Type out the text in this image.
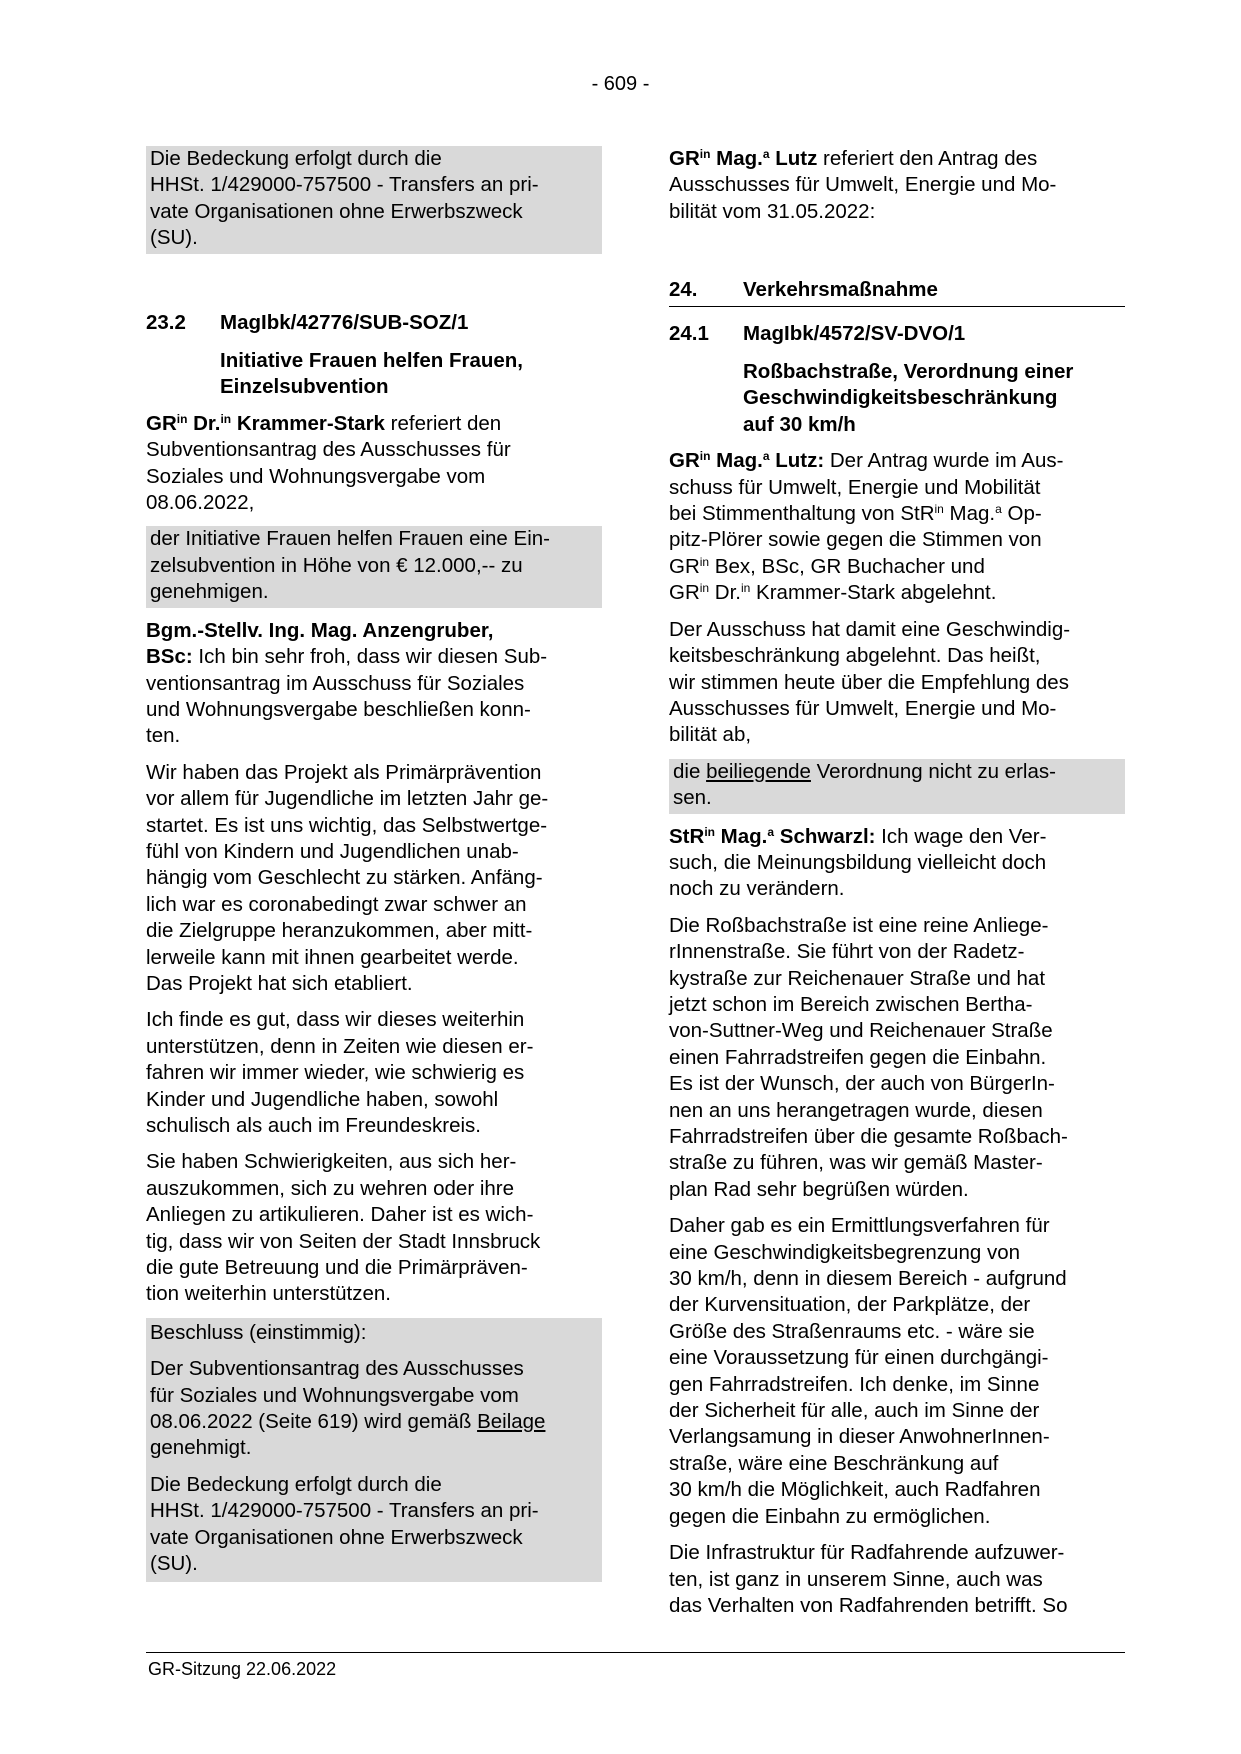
- 609 -
Die Bedeckung erfolgt durch die
HHSt. 1/429000-757500 - Transfers an pri-
vate Organisationen ohne Erwerbszweck
(SU).
23.2	MagIbk/42776/SUB-SOZ/1
Initiative Frauen helfen Frauen,
Einzelsubvention

$GR^{in}$ Dr.$^{in}$ Krammer-Stark referiert den
Subventionsantrag des Ausschusses für
Soziales und Wohnungsvergabe vom
08.06.2022,

der Initiative Frauen helfen Frauen eine Ein-
zelsubvention in Höhe von € 12.000,-- zu
genehmigen.

Bgm.-Stellv. Ing. Mag. Anzengruber,
BSc: Ich bin sehr froh, dass wir diesen Sub-
ventionsantrag im Ausschuss für Soziales
und Wohnungsvergabe beschließen konn-
ten.

Wir haben das Projekt als Primärprävention
vor allem für Jugendliche im letzten Jahr ge-
startet. Es ist uns wichtig, das Selbstwertge-
fühl von Kindern und Jugendlichen unab-
hängig vom Geschlecht zu stärken. Anfäng-
lich war es coronabedingt zwar schwer an
die Zielgruppe heranzukommen, aber mitt-
lerweile kann mit ihnen gearbeitet werde.
Das Projekt hat sich etabliert.

Ich finde es gut, dass wir dieses weiterhin
unterstützen, denn in Zeiten wie diesen er-
fahren wir immer wieder, wie schwierig es
Kinder und Jugendliche haben, sowohl
schulisch als auch im Freundeskreis.

Sie haben Schwierigkeiten, aus sich her-
auszukommen, sich zu wehren oder ihre
Anliegen zu artikulieren. Daher ist es wich-
tig, dass wir von Seiten der Stadt Innsbruck
die gute Betreuung und die Primärpräven-
tion weiterhin unterstützen.

Beschluss (einstimmig):
Der Subventionsantrag des Ausschusses
für Soziales und Wohnungsvergabe vom
08.06.2022 (Seite 619) wird gemäß Beilage
genehmigt.
Die Bedeckung erfolgt durch die
HHSt. 1/429000-757500 - Transfers an pri-
vate Organisationen ohne Erwerbszweck
(SU).

$GR^{in}$ Mag.$^a$ Lutz referiert den Antrag des
Ausschusses für Umwelt, Energie und Mo-
bilität vom 31.05.2022:

24.	Verkehrsmaßnahme
24.1	MagIbk/4572/SV-DVO/1
Roßbachstraße, Verordnung einer
Geschwindigkeitsbeschränkung
auf 30 km/h

$GR^{in}$ Mag.$^a$ Lutz: Der Antrag wurde im Aus-
schuss für Umwelt, Energie und Mobilität
bei Stimmenthaltung von StR$^{in}$ Mag.$^a$ Op-
pitz-Plörer sowie gegen die Stimmen von
$GR^{in}$ Bex, BSc, GR Buchacher und
$GR^{in}$ Dr.$^{in}$ Krammer-Stark abgelehnt.

Der Ausschuss hat damit eine Geschwindig-
keitsbeschränkung abgelehnt. Das heißt,
wir stimmen heute über die Empfehlung des
Ausschusses für Umwelt, Energie und Mo-
bilität ab,

die beiliegende Verordnung nicht zu erlas-
sen.

StR$^{in}$ Mag.$^a$ Schwarzl: Ich wage den Ver-
such, die Meinungsbildung vielleicht doch
noch zu verändern.

Die Roßbachstraße ist eine reine Anliege-
rInnenstraße. Sie führt von der Radetz-
kystraße zur Reichenauer Straße und hat
jetzt schon im Bereich zwischen Bertha-
von-Suttner-Weg und Reichenauer Straße
einen Fahrradstreifen gegen die Einbahn.
Es ist der Wunsch, der auch von BürgerIn-
nen an uns herangetragen wurde, diesen
Fahrradstreifen über die gesamte Roßbach-
straße zu führen, was wir gemäß Master-
plan Rad sehr begrüßen würden.

Daher gab es ein Ermittlungsverfahren für
eine Geschwindigkeitsbegrenzung von
30 km/h, denn in diesem Bereich - aufgrund
der Kurvensituation, der Parkplätze, der
Größe des Straßenraums etc. - wäre sie
eine Voraussetzung für einen durchgängi-
gen Fahrradstreifen. Ich denke, im Sinne
der Sicherheit für alle, auch im Sinne der
Verlangsamung in dieser AnwohnerInnen-
straße, wäre eine Beschränkung auf
30 km/h die Möglichkeit, auch Radfahren
gegen die Einbahn zu ermöglichen.

Die Infrastruktur für Radfahrende aufzuwer-
ten, ist ganz in unserem Sinne, auch was
das Verhalten von Radfahrenden betrifft. So

GR-Sitzung 22.06.2022
